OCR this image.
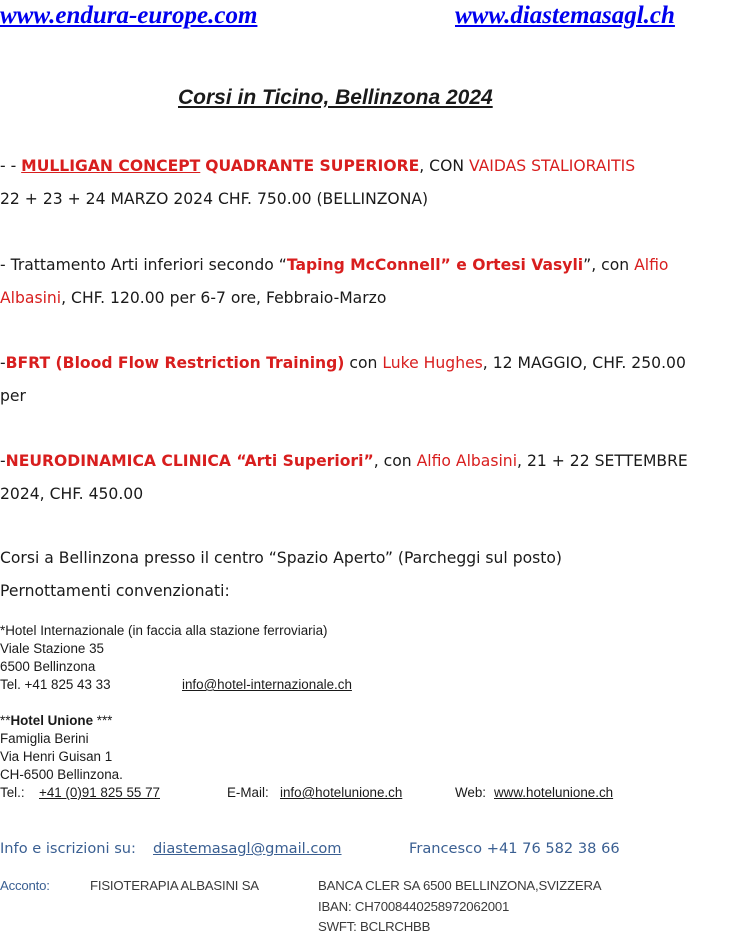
www.endura-europe.com	www.diastemasagl.ch
Corsi in Ticino, Bellinzona 2024
- - MULLIGAN CONCEPT QUADRANTE SUPERIORE, CON VAIDAS STALIORAITIS
22 + 23 + 24 MARZO 2024 CHF. 750.00 (BELLINZONA)
- Trattamento Arti inferiori secondo “Taping McConnell” e Ortesi Vasyli”, con Alfio
Albasini, CHF. 120.00 per 6-7 ore, Febbraio-Marzo
-BFRT (Blood Flow Restriction Training) con Luke Hughes, 12 MAGGIO, CHF. 250.00
per
-NEURODINAMICA CLINICA “Arti Superiori”, con Alfio Albasini, 21 + 22 SETTEMBRE
2024, CHF. 450.00
Corsi a Bellinzona presso il centro “Spazio Aperto” (Parcheggi sul posto)
Pernottamenti convenzionati:
*Hotel Internazionale (in faccia alla stazione ferroviaria)
Viale Stazione 35
6500 Bellinzona
Tel. +41 825 43 33	info@hotel-internazionale.ch
**Hotel Unione ***
Famiglia Berini
Via Henri Guisan 1
CH-6500 Bellinzona.
Tel.: +41 (0)91 825 55 77	E-Mail: info@hotelunione.ch	Web: www.hotelunione.ch
Info e iscrizioni su: diastemasagl@gmail.com	Francesco +41 76 582 38 66
Acconto:	FISIOTERAPIA ALBASINI SA	BANCA CLER SA 6500 BELLINZONA,SVIZZERA
IBAN: CH7008440258972062001
SWFT: BCLRCHBB
